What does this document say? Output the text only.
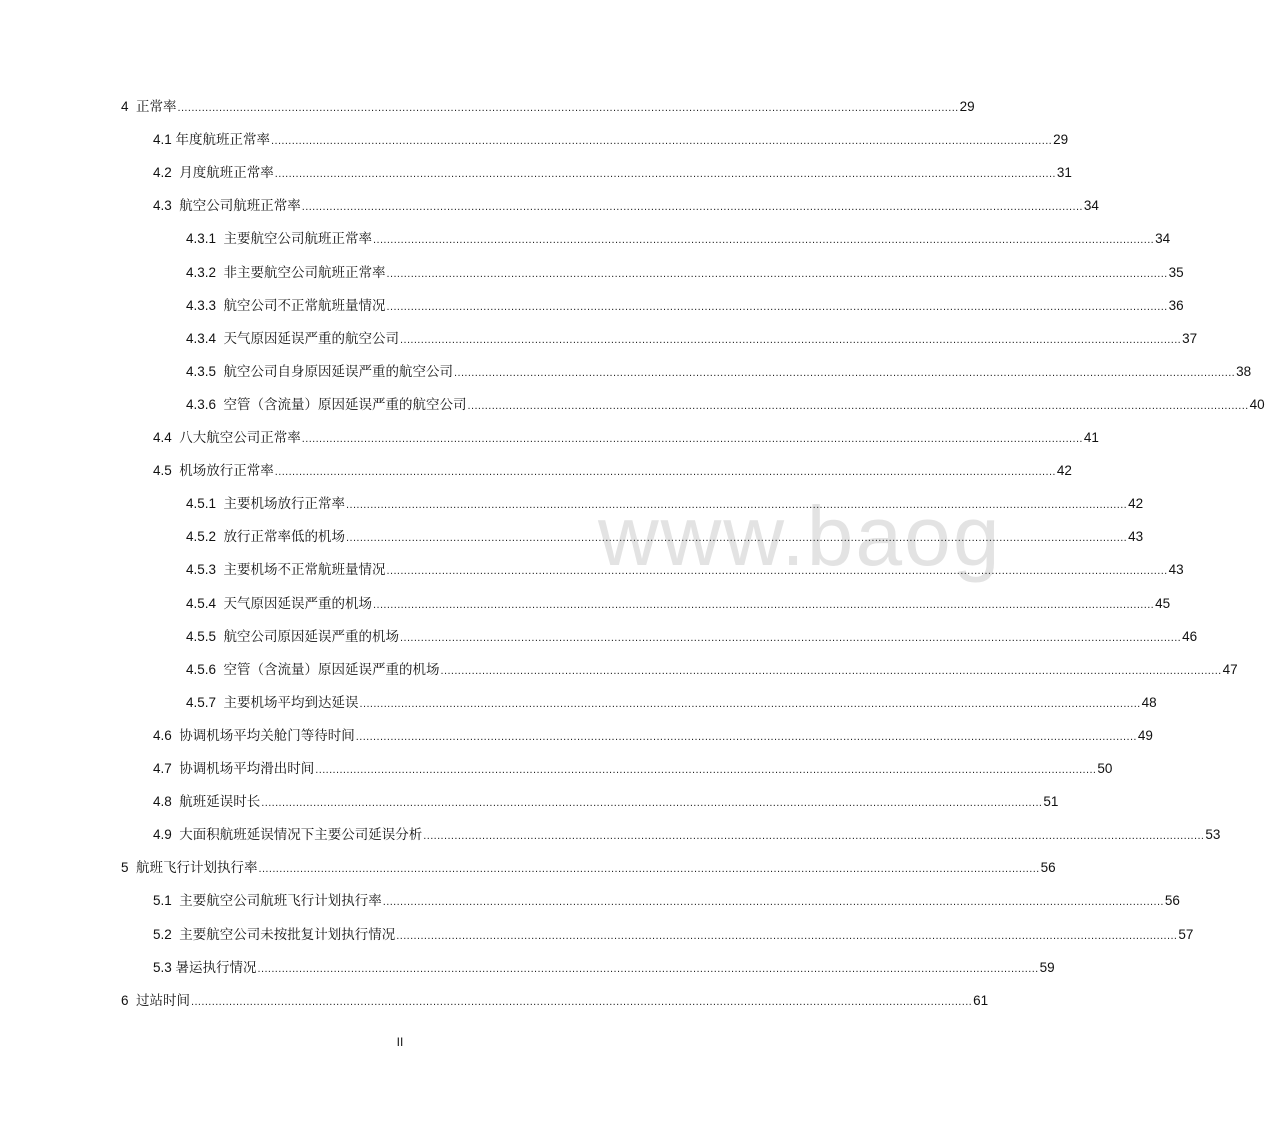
www.baog
4 正常率 .....	29
4.1 年度航班正常率 .....	29
4.2 月度航班正常率 .....	31
4.3 航空公司航班正常率 .....	34
4.3.1 主要航空公司航班正常率 .....	34
4.3.2 非主要航空公司航班正常率 .....	35
4.3.3 航空公司不正常航班量情况 .....	36
4.3.4 天气原因延误严重的航空公司 .....	37
4.3.5 航空公司自身原因延误严重的航空公司 .....	38
4.3.6 空管（含流量）原因延误严重的航空公司 .....	40
4.4 八大航空公司正常率 .....	41
4.5 机场放行正常率 .....	42
4.5.1 主要机场放行正常率 .....	42
4.5.2 放行正常率低的机场 .....	43
4.5.3 主要机场不正常航班量情况 .....	43
4.5.4 天气原因延误严重的机场 .....	45
4.5.5 航空公司原因延误严重的机场 .....	46
4.5.6 空管（含流量）原因延误严重的机场 .....	47
4.5.7 主要机场平均到达延误 .....	48
4.6 协调机场平均关舱门等待时间 .....	49
4.7 协调机场平均滑出时间 .....	50
4.8 航班延误时长 .....	51
4.9 大面积航班延误情况下主要公司延误分析 .....	53
5 航班飞行计划执行率 .....	56
5.1 主要航空公司航班飞行计划执行率 .....	56
5.2 主要航空公司未按批复计划执行情况 .....	57
5.3 暑运执行情况 .....	59
6 过站时间 .....	61
II
